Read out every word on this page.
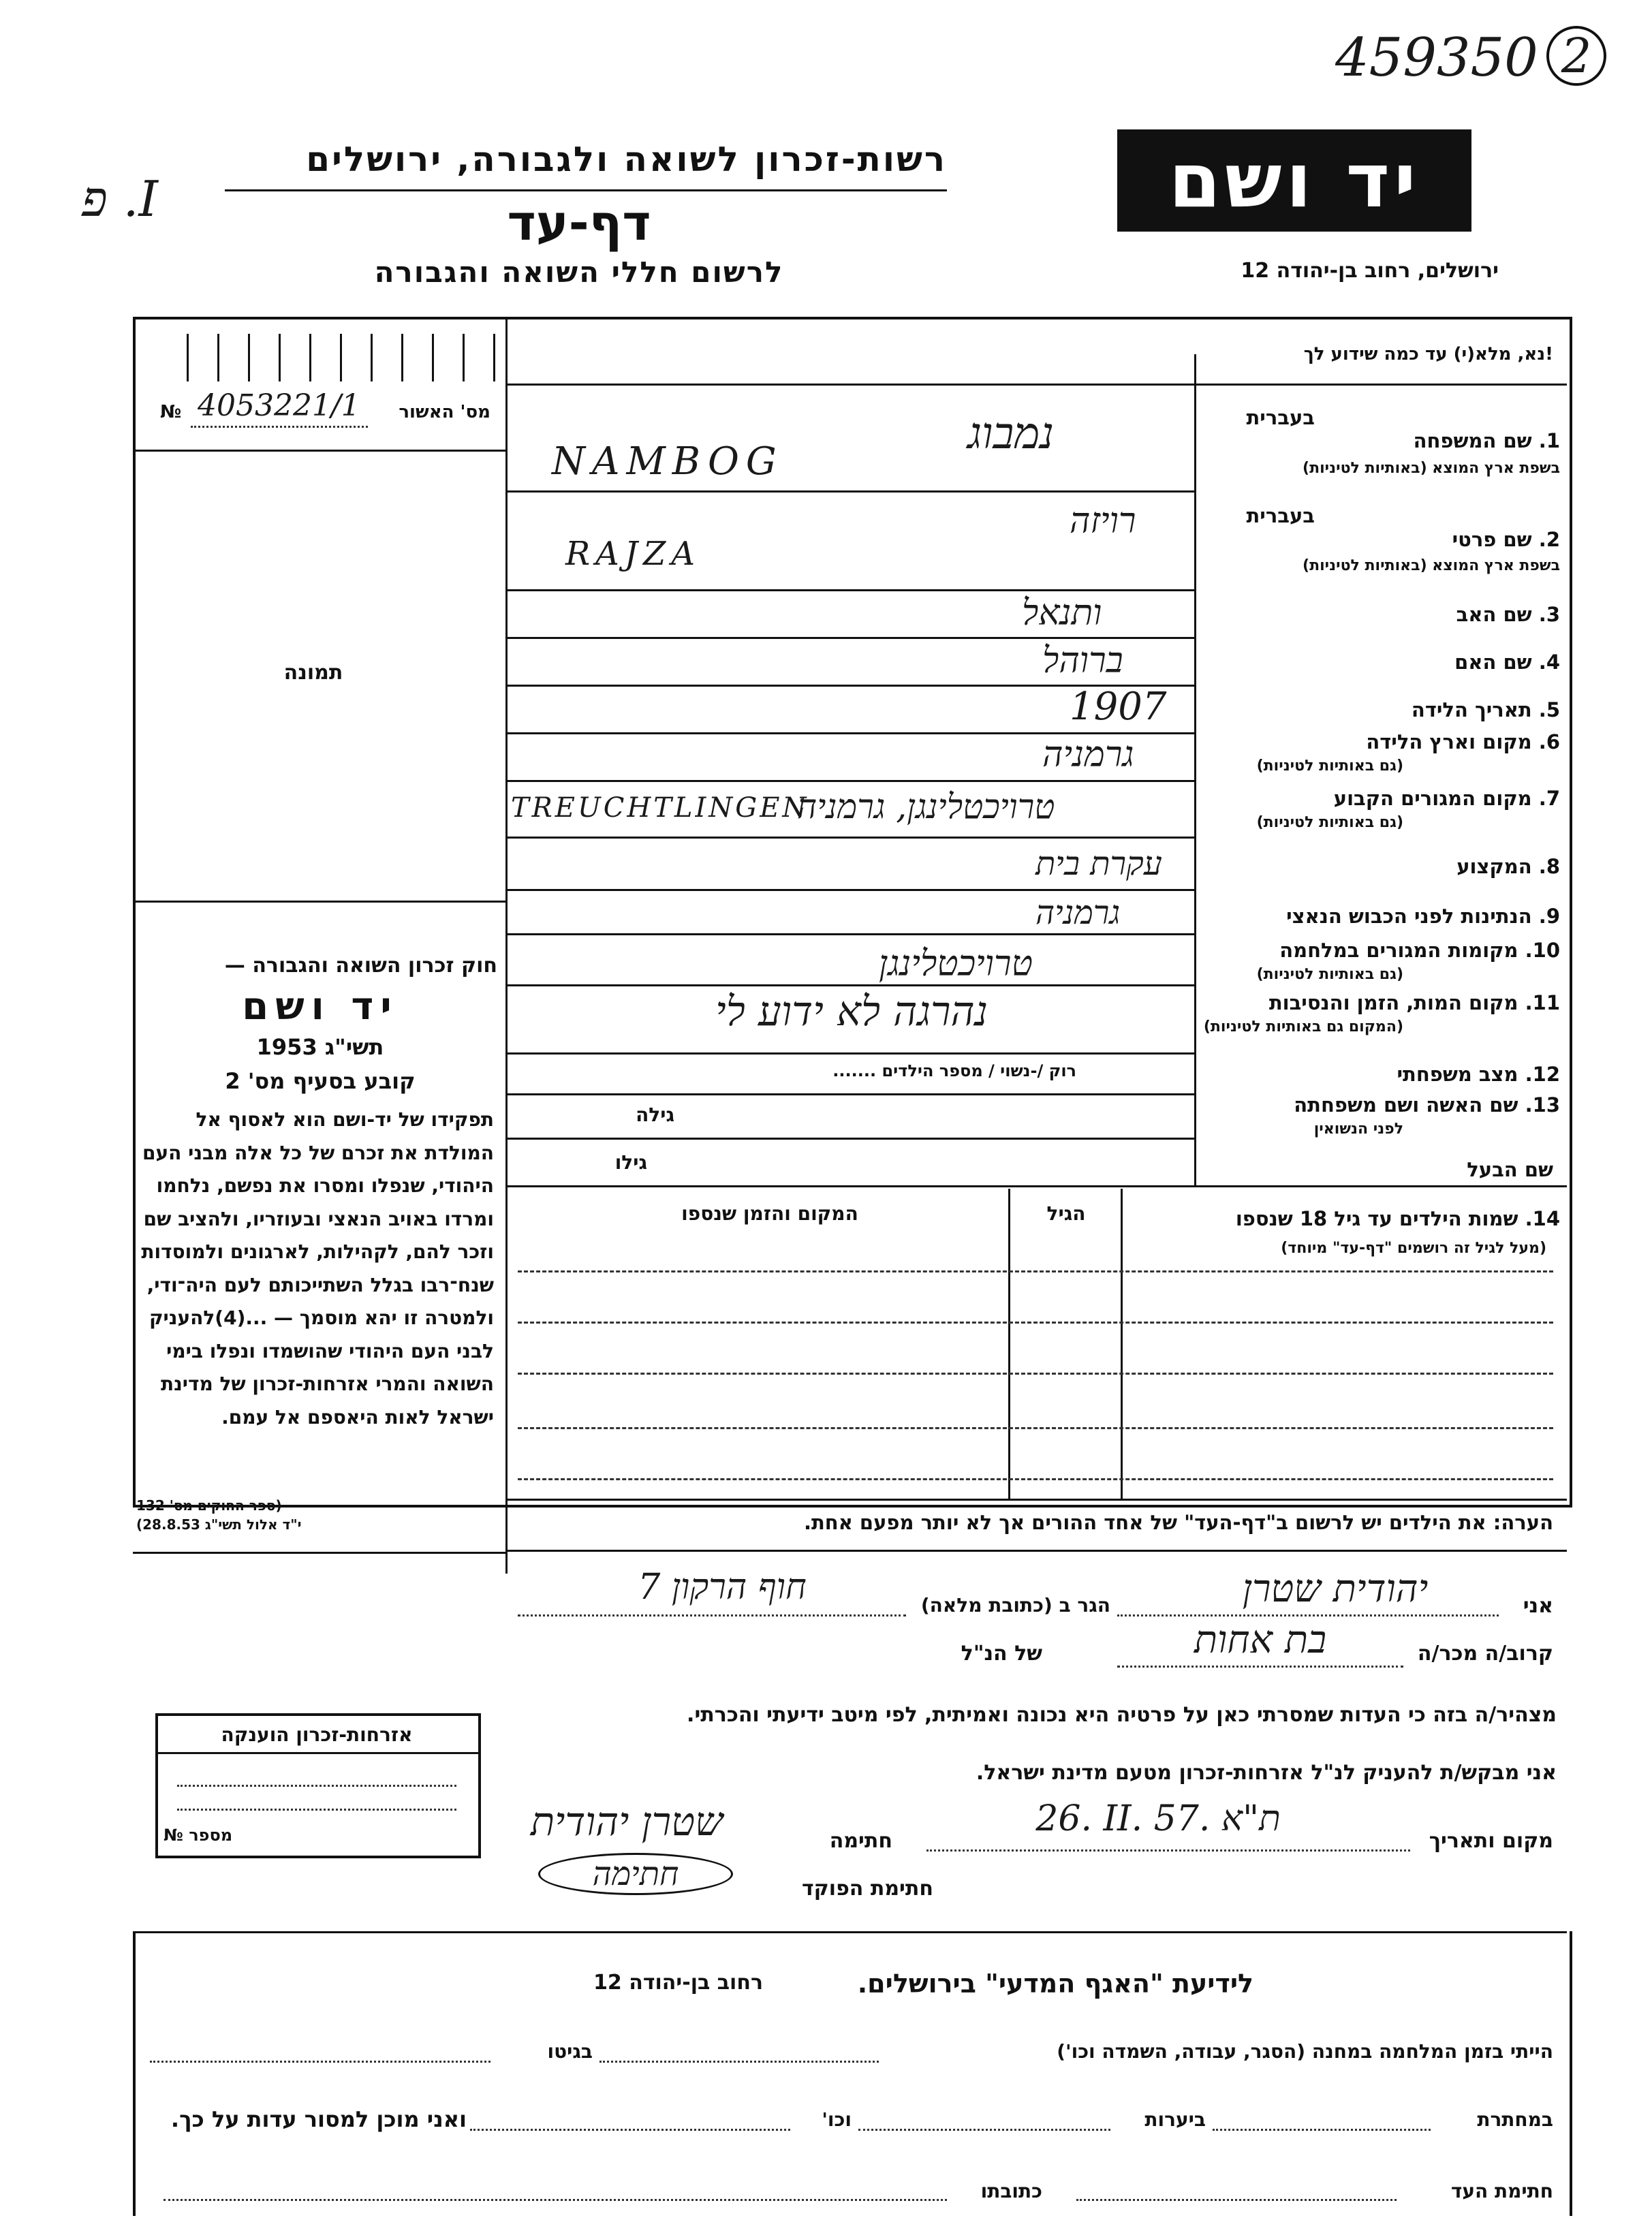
459350 2
I. פ
רשות-זכרון לשואה ולגבורה, ירושלים
דף-עד
לרשום חללי השואה והגבורה
יד ושם
ירושלים, רחוב בן-יהודה 12
!נא, מלא(י) עד כמה שידוע לך
מס' האשור
№ 4053221/1
תמונה
חוק זכרון השואה והגבורה —
יד ושם
תשי"ג 1953
קובע בסעיף מס' 2
תפקידו של יד-ושם הוא לאסוף אל המולדת את זכרם של כל אלה מבני העם היהודי, שנפלו ומסרו את נפשם, נלחמו ומרדו באויב הנאצי ובעוזריו, ולהציב שם וזכר להם, לקהילות, לארגונים ולמוסדות שנח־רבו בגלל השתייכותם לעם היה־ודי, ולמטרה זו יהא מוסמך — ...(4)להעניק לבני העם היהודי שהושמדו ונפלו בימי השואה והמרי אזרחות-זכרון של מדינת ישראל לאות היאספם אל עמם.
(ספר החוקים מס' 132
י"ד אלול תשי"ג 28.8.53)
בעברית
1. שם המשפחה
בשפת ארץ המוצא (באותיות לטיניות)
נמבוג
NAMBOG
בעברית
2. שם פרטי
בשפת ארץ המוצא (באותיות לטיניות)
רויזה
RAJZA
3. שם האב
ותנאל
4. שם האם
ברוהל
5. תאריך הלידה
1907
6. מקום וארץ הלידה
(גם באותיות לטיניות)
גרמניה
7. מקום המגורים הקבוע
(גם באותיות לטיניות)
TREUCHTLINGEN
טרויכטלינגן, גרמניה
8. המקצוע
עקרת בית
9. הנתינות לפני הכבוש הנאצי
גרמניה
10. מקומות המגורים במלחמה
(גם באותיות לטיניות)
טרויכטלינגן
11. מקום המות, הזמן והנסיבות
(המקום גם באותיות לטיניות)
נהרגה לא ידוע לי
12. מצב משפחתי
רוק /-נשוי / מספר הילדים .......
13. שם האשה ושם משפחתה
לפני הנשואין
גילה
גילו	שם הבעל
14. שמות הילדים עד גיל 18 שנספו
(מעל לגיל זה רושמים "דף-עד" מיוחד)
הגיל
המקום והזמן שנספו
הערה: את הילדים יש לרשום ב"דף-העד" של אחד ההורים אך לא יותר מפעם אחת.
אני
יהודית שטרן
הגר ב (כתובת מלאה)
חוף הרקון 7
קרוב/ה מכר/ה
בת אחות
של הנ"ל
מצהיר/ה בזה כי העדות שמסרתי כאן על פרטיה היא נכונה ואמיתית, לפי מיטב ידיעתי והכרתי.
אני מבקש/ת להעניק לנ"ל אזרחות-זכרון מטעם מדינת ישראל.
מקום ותאריך
26. II. 57. ת"א
חתימה
שטרן יהודית
חתימת הפוקד
חתימה
אזרחות-זכרון הוענקה
מספר №
לידיעת "האגף המדעי" בירושלים.
רחוב בן-יהודה 12
הייתי בזמן המלחמה במחנה (הסגר, עבודה, השמדה וכו')
בגיטו
במחתרת
ביערות
וכו'
ואני מוכן למסור עדות על כך.
חתימת העד
כתובתו
